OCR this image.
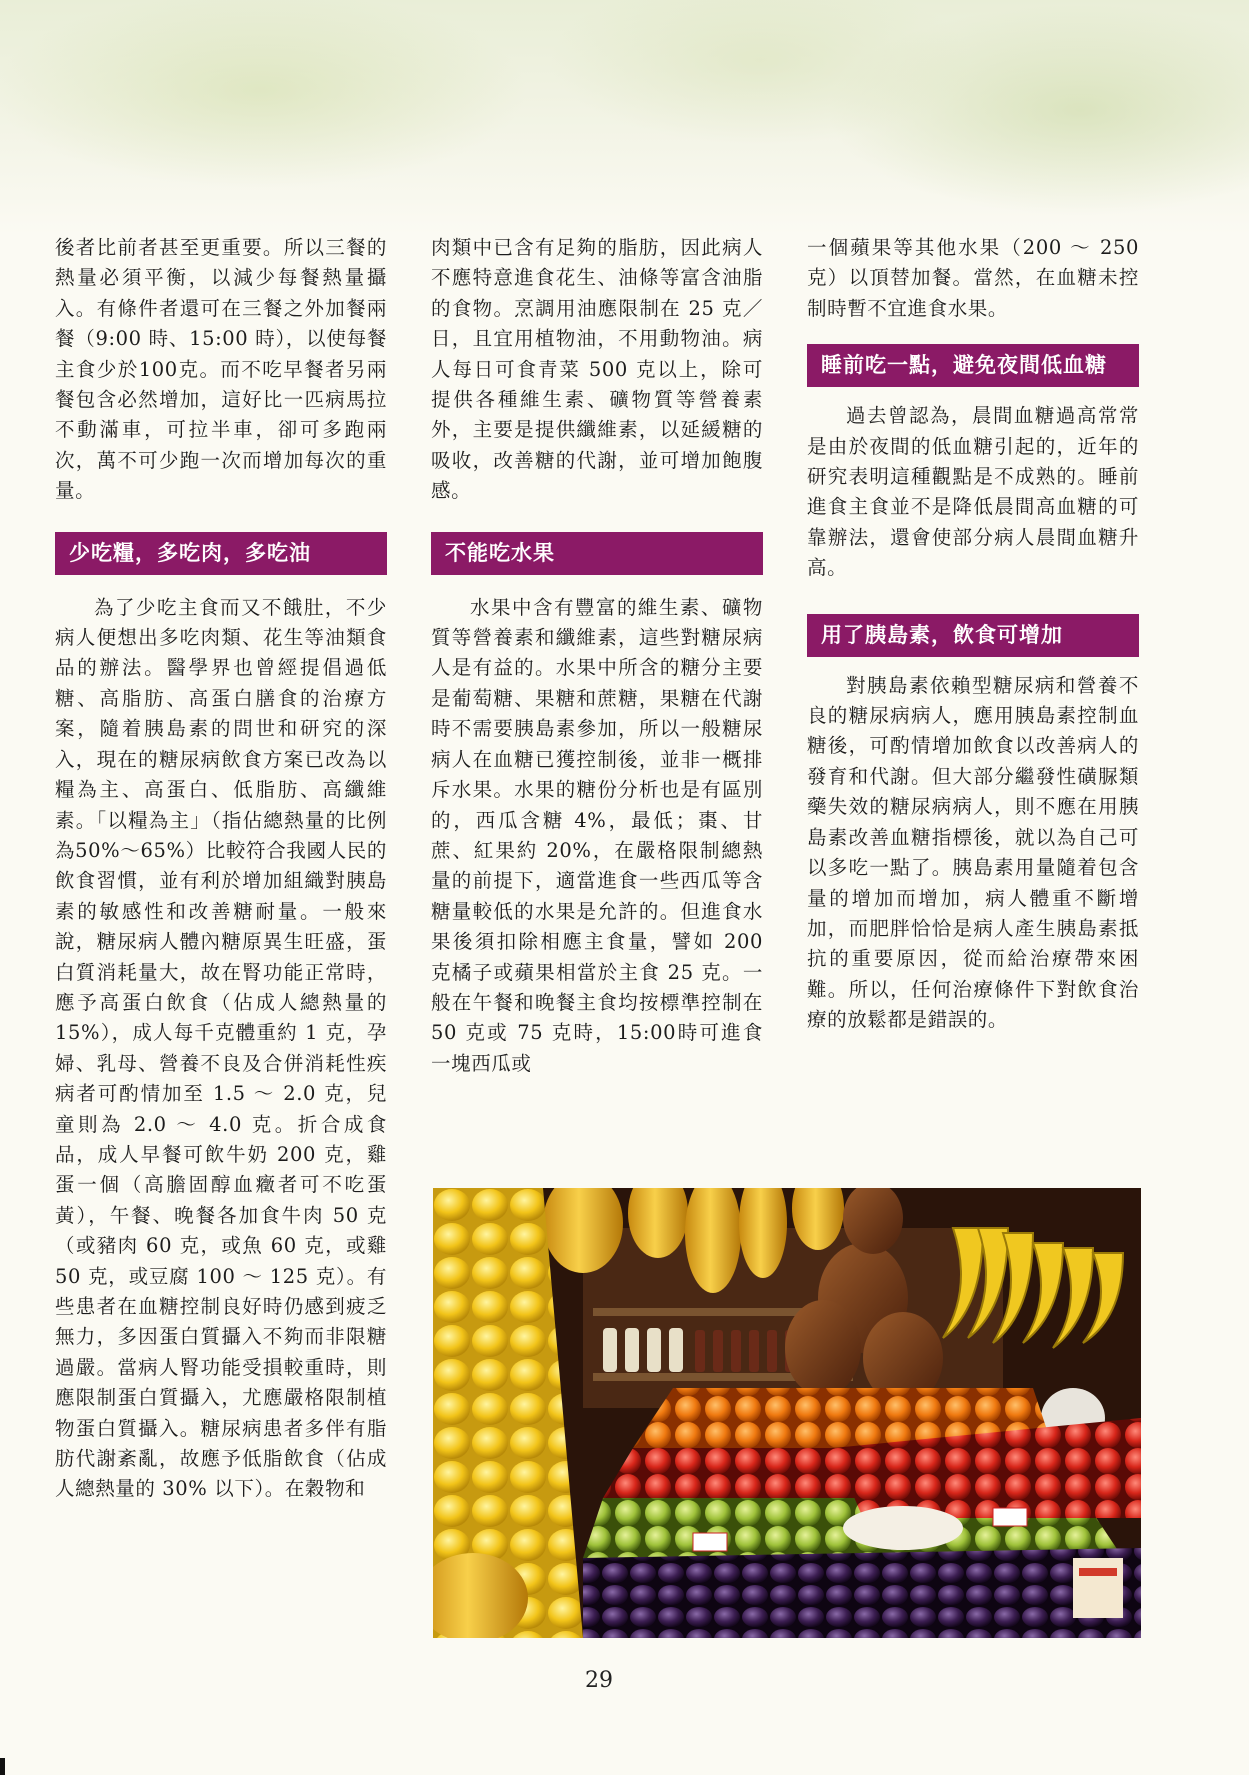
後者比前者甚至更重要。所以三餐的熱量必須平衡，以減少每餐熱量攝入。有條件者還可在三餐之外加餐兩餐（9:00 時、15:00 時），以使每餐主食少於100克。而不吃早餐者另兩餐包含必然增加，這好比一匹病馬拉不動滿車，可拉半車，卻可多跑兩次，萬不可少跑一次而增加每次的重量。

少吃糧，多吃肉，多吃油

為了少吃主食而又不餓肚，不少病人便想出多吃肉類、花生等油類食品的辦法。醫學界也曾經提倡過低糖、高脂肪、高蛋白膳食的治療方案，隨着胰島素的問世和研究的深入，現在的糖尿病飲食方案已改為以糧為主、高蛋白、低脂肪、高纖維素。「以糧為主」（指佔總熱量的比例為50%～65%）比較符合我國人民的飲食習慣，並有利於增加組織對胰島素的敏感性和改善糖耐量。一般來說，糖尿病人體內糖原異生旺盛，蛋白質消耗量大，故在腎功能正常時，應予高蛋白飲食（佔成人總熱量的15%），成人每千克體重約 1 克，孕婦、乳母、營養不良及合併消耗性疾病者可酌情加至 1.5 ～ 2.0 克，兒童則為 2.0 ～ 4.0 克。折合成食品，成人早餐可飲牛奶 200 克，雞蛋一個（高膽固醇血癥者可不吃蛋黃），午餐、晚餐各加食牛肉 50 克（或豬肉 60 克，或魚 60 克，或雞 50 克，或豆腐 100 ～ 125 克）。有些患者在血糖控制良好時仍感到疲乏無力，多因蛋白質攝入不夠而非限糖過嚴。當病人腎功能受損較重時，則應限制蛋白質攝入，尤應嚴格限制植物蛋白質攝入。糖尿病患者多伴有脂肪代謝紊亂，故應予低脂飲食（佔成人總熱量的 30% 以下）。在穀物和

肉類中已含有足夠的脂肪，因此病人不應特意進食花生、油條等富含油脂的食物。烹調用油應限制在 25 克／日，且宜用植物油，不用動物油。病人每日可食青菜 500 克以上，除可提供各種維生素、礦物質等營養素外，主要是提供纖維素，以延緩糖的吸收，改善糖的代謝，並可增加飽腹感。

不能吃水果

水果中含有豐富的維生素、礦物質等營養素和纖維素，這些對糖尿病人是有益的。水果中所含的糖分主要是葡萄糖、果糖和蔗糖，果糖在代謝時不需要胰島素參加，所以一般糖尿病人在血糖已獲控制後，並非一概排斥水果。水果的糖份分析也是有區別的，西瓜含糖 4%，最低；棗、甘蔗、紅果約 20%，在嚴格限制總熱量的前提下，適當進食一些西瓜等含糖量較低的水果是允許的。但進食水果後須扣除相應主食量，譬如 200 克橘子或蘋果相當於主食 25 克。一般在午餐和晚餐主食均按標準控制在 50 克或 75 克時，15:00時可進食一塊西瓜或

一個蘋果等其他水果（200 ～ 250 克）以頂替加餐。當然，在血糖未控制時暫不宜進食水果。

睡前吃一點，避免夜間低血糖

過去曾認為，晨間血糖過高常常是由於夜間的低血糖引起的，近年的研究表明這種觀點是不成熟的。睡前進食主食並不是降低晨間高血糖的可靠辦法，還會使部分病人晨間血糖升高。

用了胰島素，飲食可增加

對胰島素依賴型糖尿病和營養不良的糖尿病病人，應用胰島素控制血糖後，可酌情增加飲食以改善病人的發育和代謝。但大部分繼發性磺脲類藥失效的糖尿病病人，則不應在用胰島素改善血糖指標後，就以為自己可以多吃一點了。胰島素用量隨着包含量的增加而增加，病人體重不斷增加，而肥胖恰恰是病人產生胰島素抵抗的重要原因，從而給治療帶來困難。所以，任何治療條件下對飲食治療的放鬆都是錯誤的。

29
